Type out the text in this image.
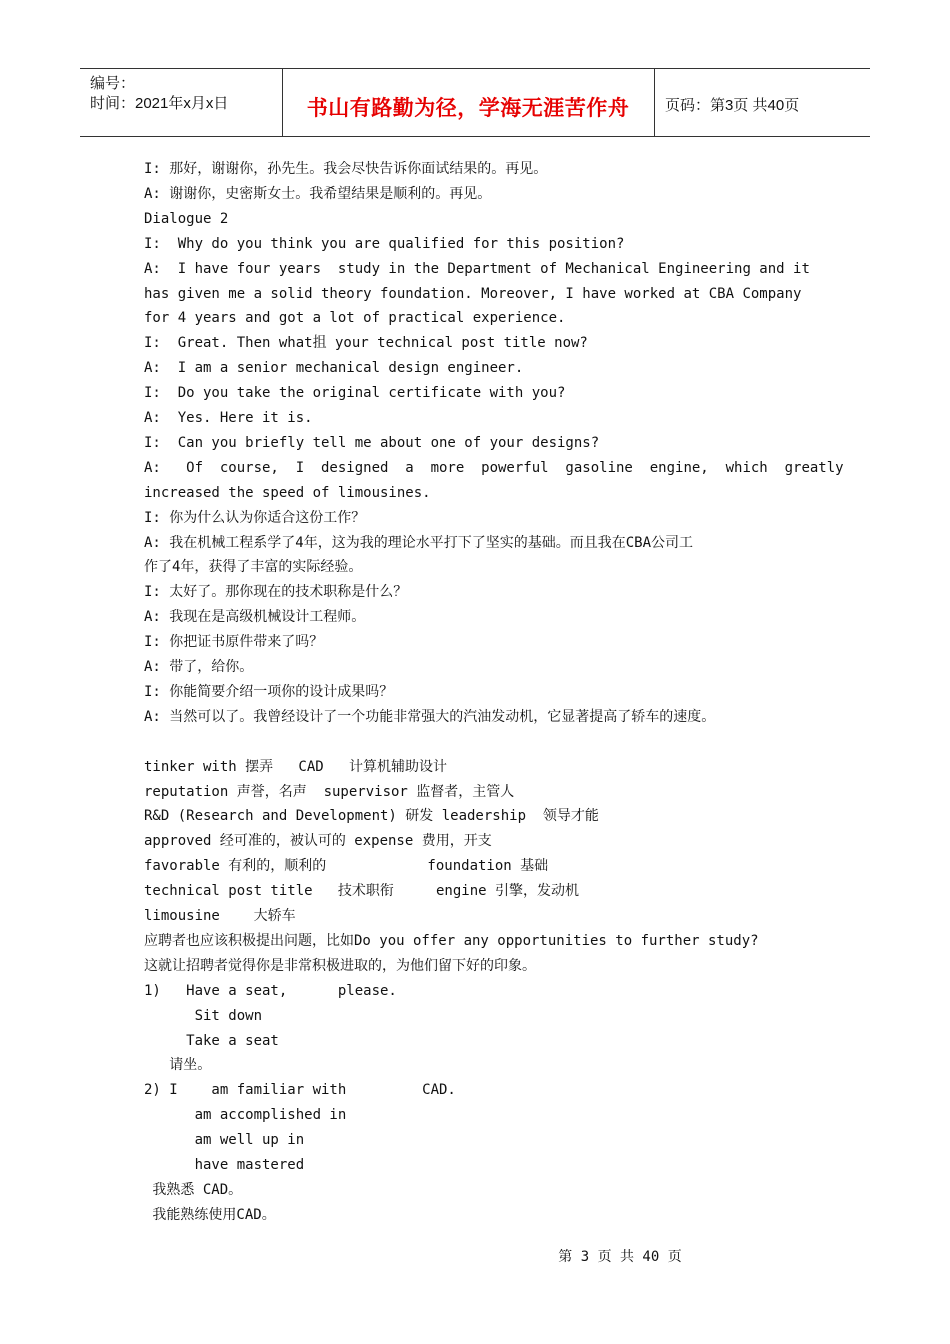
编号：
时间：2021年x月x日	书山有路勤为径，学海无涯苦作舟	页码：第3页 共40页
I: 那好，谢谢你，孙先生。我会尽快告诉你面试结果的。再见。
A: 谢谢你，史密斯女士。我希望结果是顺利的。再见。
Dialogue 2
I:  Why do you think you are qualified for this position?
A:  I have four years  study in the Department of Mechanical Engineering and it
has given me a solid theory foundation. Moreover, I have worked at CBA Company
for 4 years and got a lot of practical experience.
I:  Great. Then what抯 your technical post title now?
A:  I am a senior mechanical design engineer.
I:  Do you take the original certificate with you?
A:  Yes. Here it is.
I:  Can you briefly tell me about one of your designs?
A:   Of  course,  I  designed  a  more  powerful  gasoline  engine,  which  greatly
increased the speed of limousines.
I: 你为什么认为你适合这份工作？
A: 我在机械工程系学了4年，这为我的理论水平打下了坚实的基础。而且我在CBA公司工
作了4年，获得了丰富的实际经验。
I: 太好了。那你现在的技术职称是什么？
A: 我现在是高级机械设计工程师。
I: 你把证书原件带来了吗？
A: 带了，给你。
I: 你能简要介绍一项你的设计成果吗？
A: 当然可以了。我曾经设计了一个功能非常强大的汽油发动机，它显著提高了轿车的速度。
tinker with 摆弄   CAD   计算机辅助设计
reputation 声誉，名声  supervisor 监督者，主管人
R&D (Research and Development) 研发 leadership  领导才能
approved 经可准的，被认可的 expense 费用，开支
favorable 有利的，顺利的            foundation 基础
technical post title   技术职衔     engine 引擎，发动机
limousine    大轿车
应聘者也应该积极提出问题，比如Do you offer any opportunities to further study?
这就让招聘者觉得你是非常积极进取的，为他们留下好的印象。
1)   Have a seat,      please.
Sit down
Take a seat
请坐。
2) I    am familiar with         CAD.
am accomplished in
am well up in
have mastered
我熟悉 CAD。
我能熟练使用CAD。
第 3 页 共 40 页
